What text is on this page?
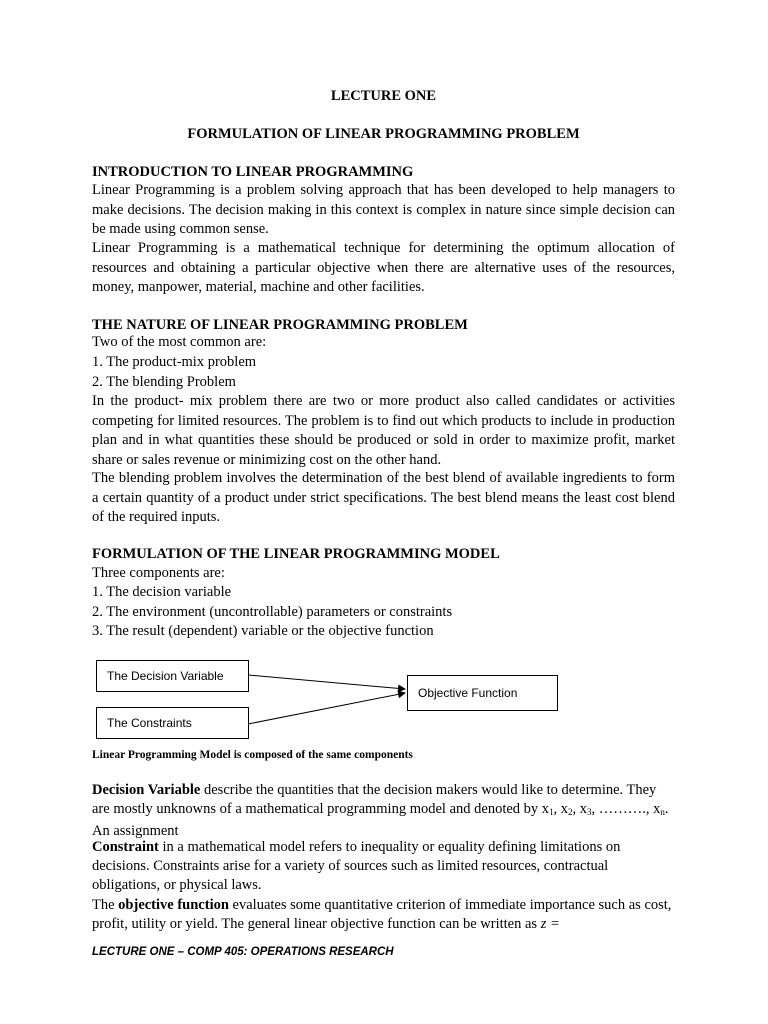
LECTURE ONE
FORMULATION OF LINEAR PROGRAMMING PROBLEM
INTRODUCTION TO LINEAR PROGRAMMING
Linear Programming is a problem solving approach that has been developed to help managers to make decisions. The decision making in this context is complex in nature since simple decision can be made using common sense.
Linear Programming is a mathematical technique for determining the optimum allocation of resources and obtaining a particular objective when there are alternative uses of the resources, money, manpower, material, machine and other facilities.
THE NATURE OF LINEAR PROGRAMMING PROBLEM
Two of the most common are:
1. The product-mix problem
2. The blending Problem
In the product- mix problem there are two or more product also called candidates or activities competing for limited resources. The problem is to find out which products to include in production plan and in what quantities these should be produced or sold in order to maximize profit, market share or sales revenue or minimizing cost on the other hand.
The blending problem involves the determination of the best blend of available ingredients to form a certain quantity of a product under strict specifications. The best blend means the least cost blend of the required inputs.
FORMULATION OF THE LINEAR PROGRAMMING MODEL
Three components are:
1. The decision variable
2. The environment (uncontrollable) parameters or constraints
3. The result (dependent) variable or the objective function
The Decision Variable
The Constraints
Objective Function
Linear Programming Model is composed of the same components
Decision Variable describe the quantities that the decision makers would like to determine. They are mostly unknowns of a mathematical programming model and denoted by $x_1$, $x_2$, $x_3$, ………., $x_n$. An assignment
Constraint in a mathematical model refers to inequality or equality defining limitations on decisions. Constraints arise for a variety of sources such as limited resources, contractual obligations, or physical laws.
The objective function evaluates some quantitative criterion of immediate importance such as cost, profit, utility or yield. The general linear objective function can be written as z =
LECTURE ONE – COMP 405: OPERATIONS RESEARCH
